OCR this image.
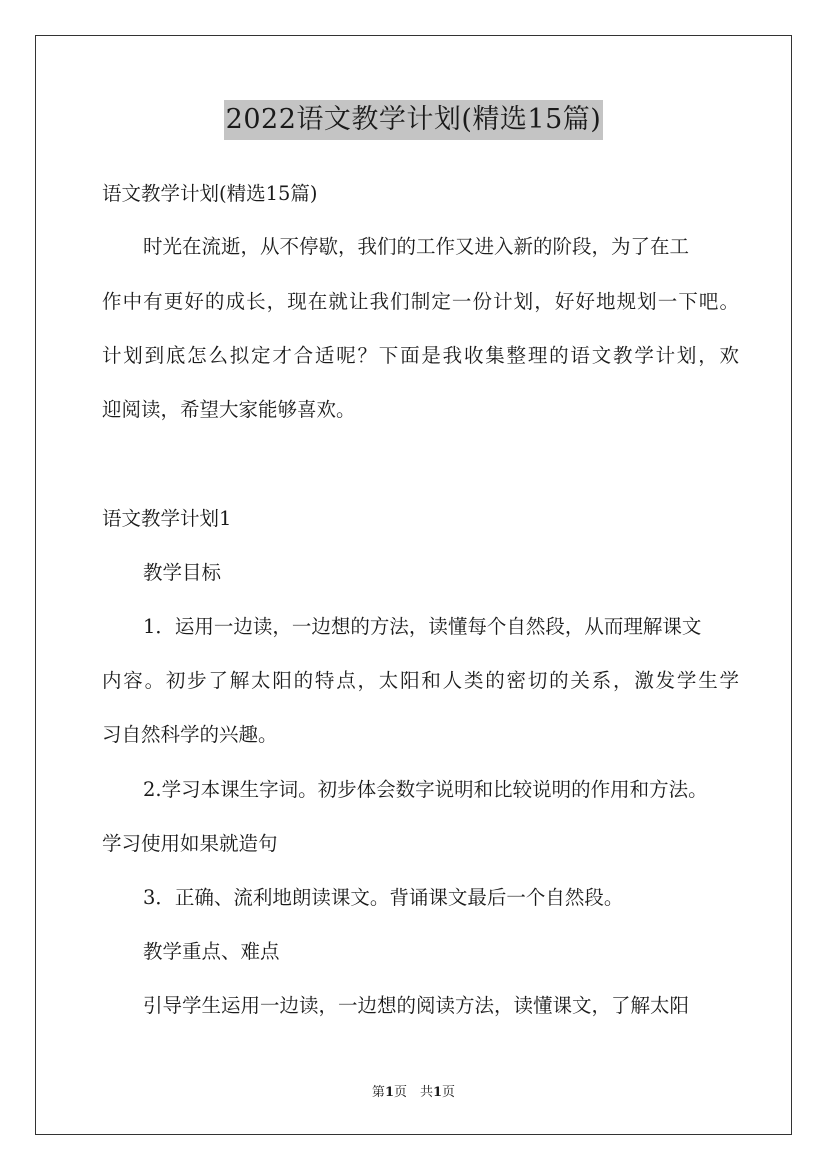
2022语文教学计划(精选15篇)
语文教学计划(精选15篇)
时光在流逝，从不停歇，我们的工作又进入新的阶段，为了在工
作中有更好的成长，现在就让我们制定一份计划，好好地规划一下吧。
计划到底怎么拟定才合适呢？下面是我收集整理的语文教学计划，欢
迎阅读，希望大家能够喜欢。
语文教学计划1
教学目标
1．运用一边读，一边想的方法，读懂每个自然段，从而理解课文
内容。初步了解太阳的特点，太阳和人类的密切的关系，激发学生学
习自然科学的兴趣。
2.学习本课生字词。初步体会数字说明和比较说明的作用和方法。
学习使用如果就造句
3．正确、流利地朗读课文。背诵课文最后一个自然段。
教学重点、难点
引导学生运用一边读，一边想的阅读方法，读懂课文，了解太阳
第1页　共1页
